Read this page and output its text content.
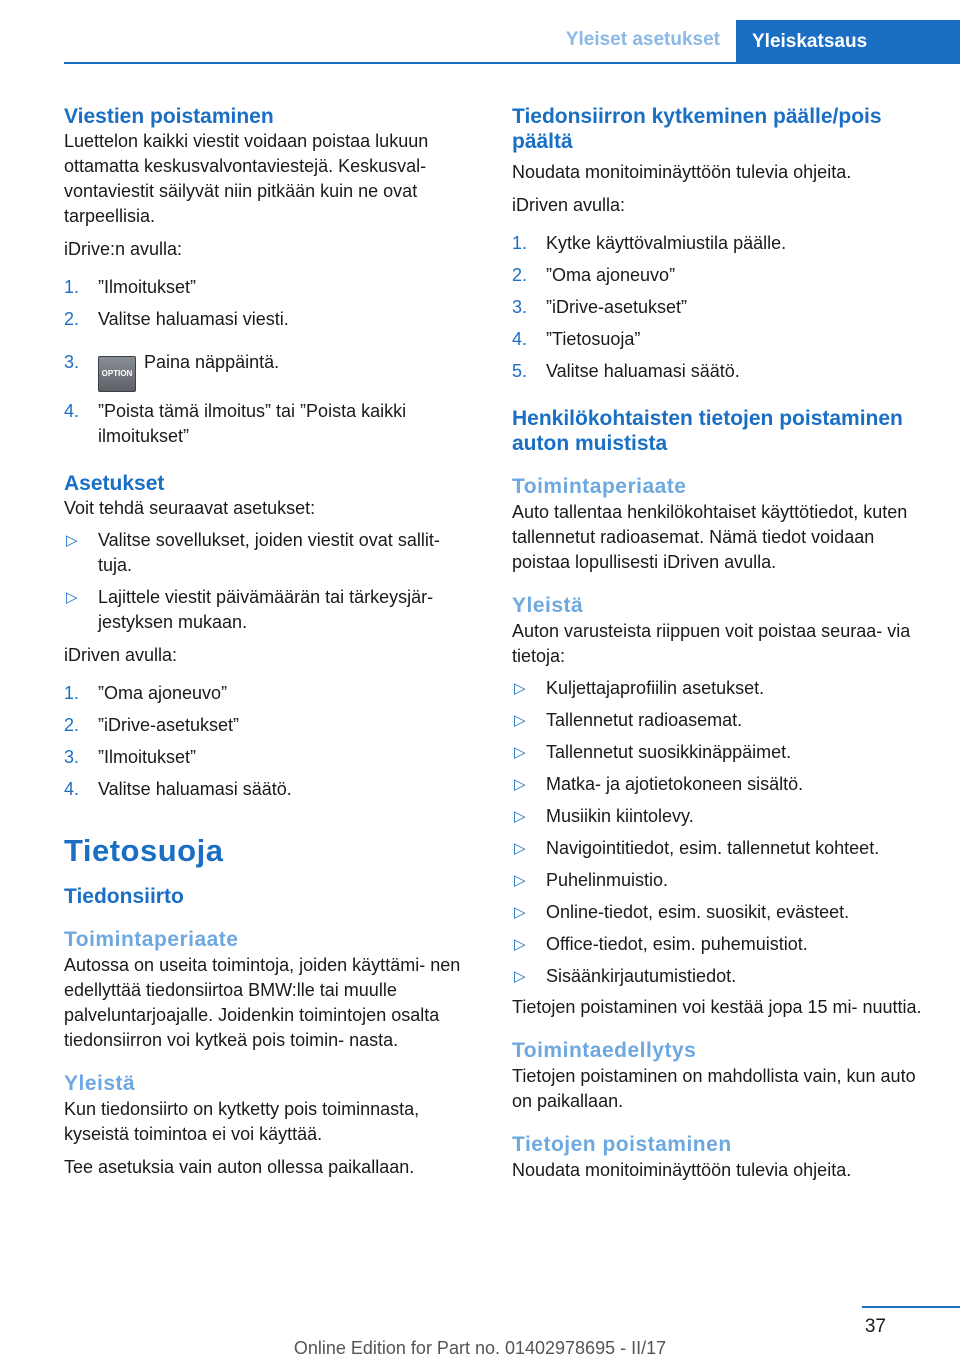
Yleiset asetukset	Yleiskatsaus
Viestien poistaminen

Luettelon kaikki viestit voidaan poistaa lukuun ottamatta keskusvalvontaviestejä. Keskusval‐ vontaviestit säilyvät niin pitkään kuin ne ovat tarpeellisia.

iDrive:n avulla:

1. ”Ilmoitukset”
2. Valitse haluamasi viesti.
3.
OPTIONPaina näppäintä.
4. ”Poista tämä ilmoitus” tai ”Poista kaikki ilmoitukset”
Asetukset

Voit tehdä seuraavat asetukset:

▷ Valitse sovellukset, joiden viestit ovat sallit‐ tuja.
▷ Lajittele viestit päivämäärän tai tärkeysjär‐ jestyksen mukaan.

iDriven avulla:

1. ”Oma ajoneuvo”
2. ”iDrive-asetukset”
3. ”Ilmoitukset”
4. Valitse haluamasi säätö.
Tietosuoja
Tiedonsiirto
Toimintaperiaate

Autossa on useita toimintoja, joiden käyttämi‐ nen edellyttää tiedonsiirtoa BMW:lle tai muulle palveluntarjoajalle. Joidenkin toimintojen osalta tiedonsiirron voi kytkeä pois toimin‐ nasta.

Yleistä

Kun tiedonsiirto on kytketty pois toiminnasta, kyseistä toimintoa ei voi käyttää.

Tee asetuksia vain auton ollessa paikallaan.

Tiedonsiirron kytkeminen päälle/pois päältä

Noudata monitoiminäyttöön tulevia ohjeita.

iDriven avulla:

1. Kytke käyttövalmiustila päälle.
2. ”Oma ajoneuvo”
3. ”iDrive-asetukset”
4. ”Tietosuoja”
5. Valitse haluamasi säätö.
Henkilökohtaisten tietojen poistaminen auton muistista
Toimintaperiaate

Auto tallentaa henkilökohtaiset käyttötiedot, kuten tallennetut radioasemat. Nämä tiedot voidaan poistaa lopullisesti iDriven avulla.

Yleistä

Auton varusteista riippuen voit poistaa seuraa‐ via tietoja:

▷ Kuljettajaprofiilin asetukset.
▷ Tallennetut radioasemat.
▷ Tallennetut suosikkinäppäimet.
▷ Matka- ja ajotietokoneen sisältö.
▷ Musiikin kiintolevy.
▷ Navigointitiedot, esim. tallennetut kohteet.
▷ Puhelinmuistio.
▷ Online-tiedot, esim. suosikit, evästeet.
▷ Office-tiedot, esim. puhemuistiot.
▷ Sisäänkirjautumistiedot.

Tietojen poistaminen voi kestää jopa 15 mi‐ nuuttia.

Toimintaedellytys

Tietojen poistaminen on mahdollista vain, kun auto on paikallaan.

Tietojen poistaminen

Noudata monitoiminäyttöön tulevia ohjeita.

37
Online Edition for Part no. 01402978695 - II/17
